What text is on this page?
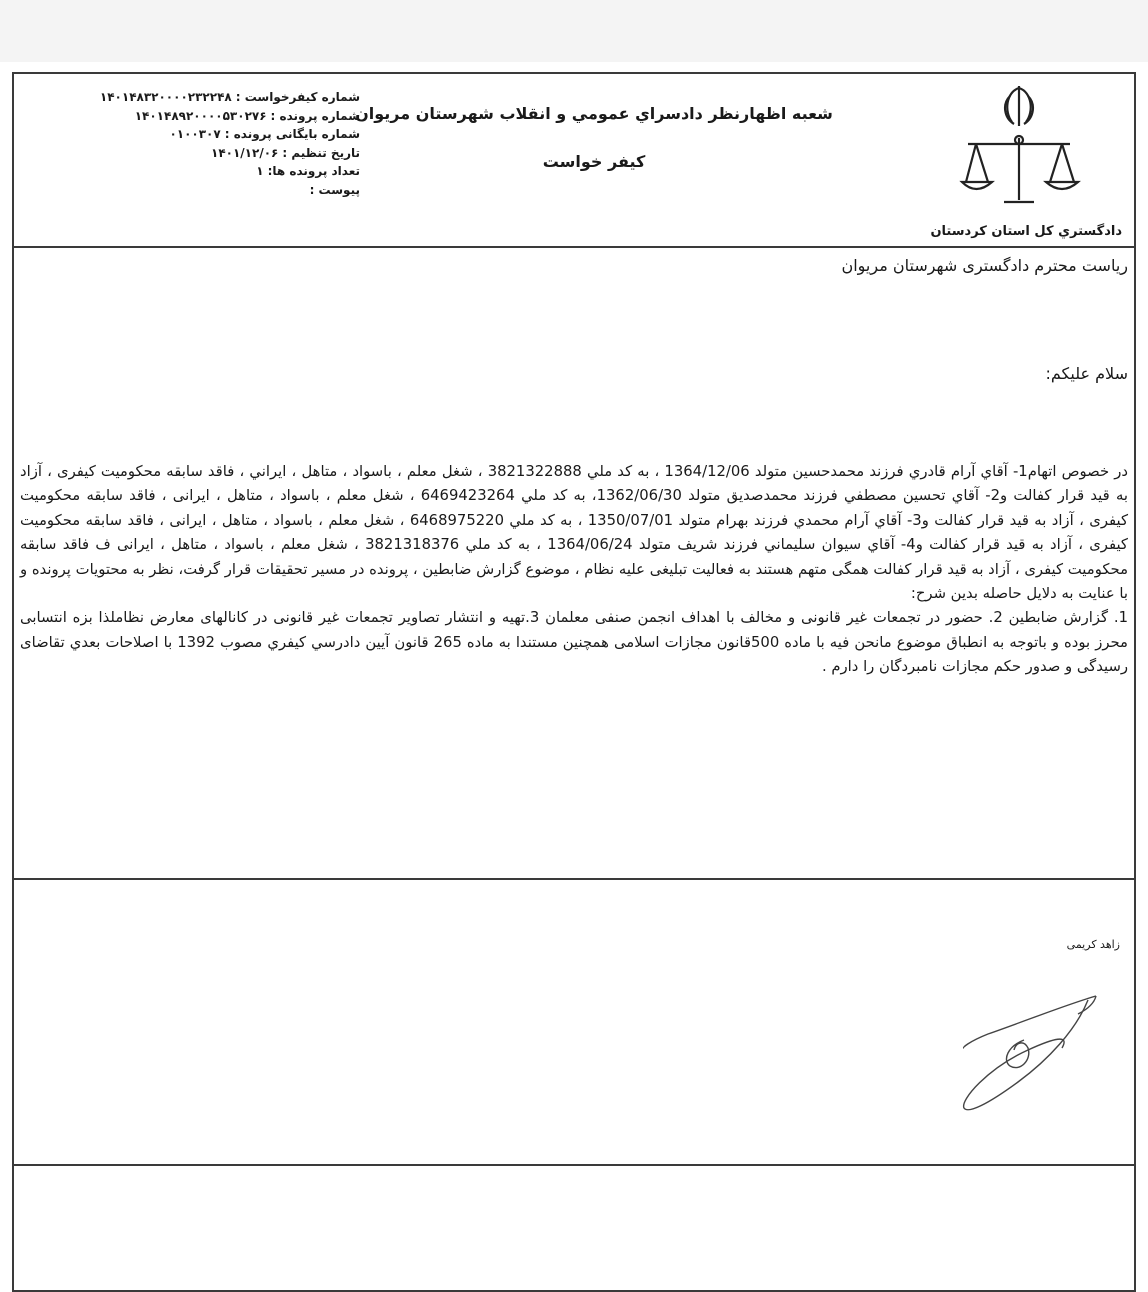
دادگستري كل استان كردستان
شعبه اظهارنظر دادسراي عمومي و انقلاب شهرستان مريوان
كيفر خواست
شماره كيفرخواست :
۱۴۰۱۴۸۳۲۰۰۰۰۲۳۲۲۴۸
شماره پرونده :
۱۴۰۱۴۸۹۲۰۰۰۰۵۳۰۲۷۶
شماره بايگانى پرونده :
۰۱۰۰۳۰۷
تاريخ تنظيم :
۱۴۰۱/۱۲/۰۶
تعداد پرونده ها:
۱
پيوست :
رياست محترم دادگستری شهرستان مريوان
سلام عليكم:

در خصوص اتهام1- آقاي آرام قادري فرزند محمدحسين متولد 1364/12/06 ، به كد ملي 3821322888 ، شغل معلم ، باسواد ، متاهل ، ايراني ، فاقد سابقه محكوميت كيفرى ، آزاد به قيد قرار كفالت و2- آقاي تحسين مصطفي فرزند محمدصديق متولد 1362/06/30، به كد ملي 6469423264 ، شغل معلم ، باسواد ، متاهل ، ايرانى ، فاقد سابقه محكوميت كيفرى ، آزاد به قيد قرار كفالت و3- آقاي آرام محمدي فرزند بهرام متولد 1350/07/01 ، به كد ملي 6468975220 ، شغل معلم ، باسواد ، متاهل ، ايرانى ، فاقد سابقه محكوميت كيفرى ، آزاد به قيد قرار كفالت و4- آقاي سيوان سليماني فرزند شريف متولد 1364/06/24 ، به كد ملي 3821318376 ، شغل معلم ، باسواد ، متاهل ، ايرانى ف فاقد سابقه محكوميت كيفرى ، آزاد به قيد قرار كفالت همگى متهم هستند به فعاليت تبليغى عليه نظام ، موضوع گزارش ضابطين ، پرونده در مسير تحقيقات قرار گرفت، نظر به محتويات پرونده و با عنايت به دلايل حاصله بدين شرح:

1. گزارش ضابطين 2. حضور در تجمعات غير قانونى و مخالف با اهداف انجمن صنفى معلمان 3.تهيه و انتشار تصاوير تجمعات غير قانونى در كانالهاى معارض نظاملذا بزه انتسابى محرز بوده و باتوجه به انطباق موضوع مانحن فيه با ماده 500قانون مجازات اسلامى همچنين مستندا به ماده 265 قانون آيين دادرسي كيفري مصوب 1392 با اصلاحات بعدي تقاضاى رسيدگى و صدور حكم مجازات نامبردگان را دارم .

زاهد كريمى
